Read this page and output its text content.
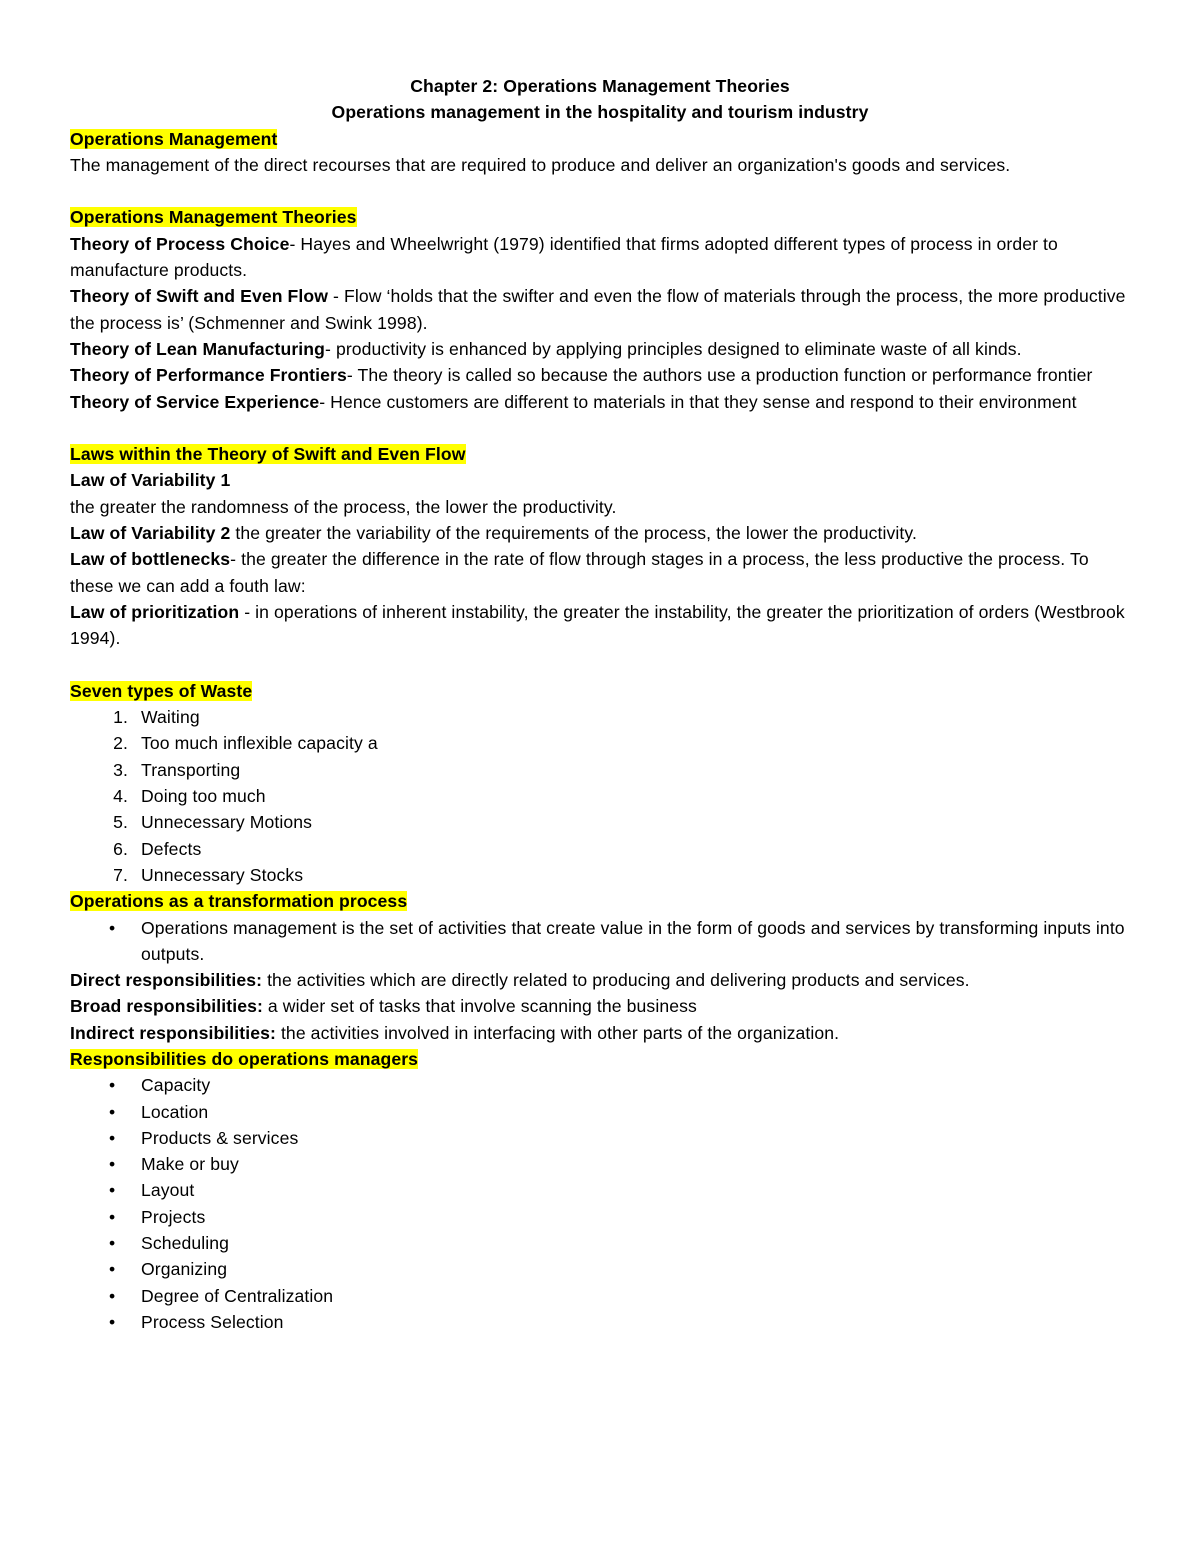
Chapter 2: Operations Management Theories

Operations management in the hospitality and tourism industry

Operations Management

The management of the direct recourses that are required to produce and deliver an organization's goods and services.

Operations Management Theories

Theory of Process Choice- Hayes and Wheelwright (1979) identified that firms adopted different types of process in order to manufacture products.

Theory of Swift and Even Flow - Flow ‘holds that the swifter and even the flow of materials through the process, the more productive the process is’ (Schmenner and Swink 1998).

Theory of Lean Manufacturing- productivity is enhanced by applying principles designed to eliminate waste of all kinds.

Theory of Performance Frontiers- The theory is called so because the authors use a production function or performance frontier

Theory of Service Experience- Hence customers are different to materials in that they sense and respond to their environment

Laws within the Theory of Swift and Even Flow

Law of Variability 1

the greater the randomness of the process, the lower the productivity.

Law of Variability 2 the greater the variability of the requirements of the process, the lower the productivity.

Law of bottlenecks- the greater the difference in the rate of flow through stages in a process, the less productive the process. To these we can add a fouth law:

Law of prioritization - in operations of inherent instability, the greater the instability, the greater the prioritization of orders (Westbrook 1994).

Seven types of Waste

1. Waiting
2. Too much inflexible capacity a
3. Transporting
4. Doing too much
5. Unnecessary Motions
6. Defects
7. Unnecessary Stocks

Operations as a transformation process

• Operations management is the set of activities that create value in the form of goods and services by transforming inputs into outputs.

Direct responsibilities: the activities which are directly related to producing and delivering products and services.

Broad responsibilities: a wider set of tasks that involve scanning the business

Indirect responsibilities: the activities involved in interfacing with other parts of the organization.

Responsibilities do operations managers

• Capacity
• Location
• Products & services
• Make or buy
• Layout
• Projects
• Scheduling
• Organizing
• Degree of Centralization
• Process Selection
